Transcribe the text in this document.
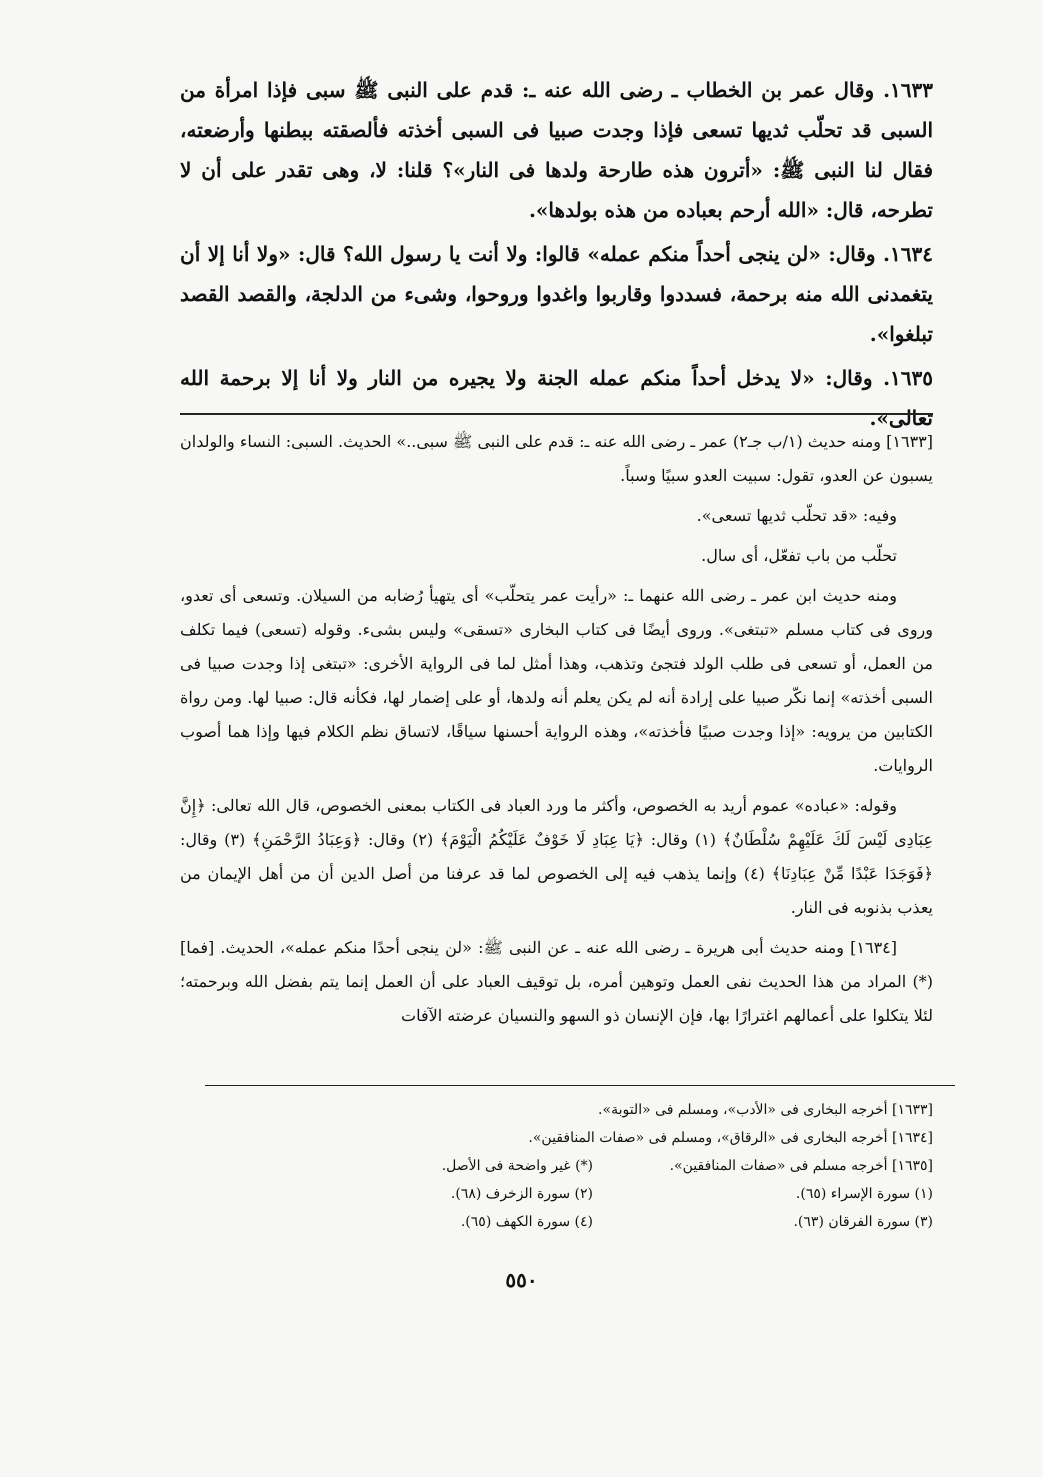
١٦٣٣. وقال عمر بن الخطاب ـ رضى الله عنه ـ: قدم على النبى ﷺ سبى فإذا امرأة من السبى قد تحلّب ثديها تسعى فإذا وجدت صبيا فى السبى أخذته فألصقته ببطنها وأرضعته، فقال لنا النبى ﷺ: «أترون هذه طارحة ولدها فى النار»؟ قلنا: لا، وهى تقدر على أن لا تطرحه، قال: «الله أرحم بعباده من هذه بولدها».

١٦٣٤. وقال: «لن ينجى أحداً منكم عمله» قالوا: ولا أنت يا رسول الله؟ قال: «ولا أنا إلا أن يتغمدنى الله منه برحمة، فسددوا وقاربوا واغدوا وروحوا، وشىء من الدلجة، والقصد القصد تبلغوا».

١٦٣٥. وقال: «لا يدخل أحداً منكم عمله الجنة ولا يجيره من النار ولا أنا إلا برحمة الله تعالى».

[١٦٣٣] ومنه حديث (١/ب جـ٢) عمر ـ رضى الله عنه ـ: قدم على النبى ﷺ سبى..» الحديث. السبى: النساء والولدان يسبون عن العدو، تقول: سبيت العدو سبيًا وسباً.

وفيه: «قد تحلّب ثديها تسعى».

تحلّب من باب تفعّل، أى سال.

ومنه حديث ابن عمر ـ رضى الله عنهما ـ: «رأيت عمر يتحلّب» أى يتهيأ رُضابه من السيلان. وتسعى أى تعدو، وروى فى كتاب مسلم «تبتغى». وروى أيضًا فى كتاب البخارى «تسقى» وليس بشىء. وقوله (تسعى) فيما تكلف من العمل، أو تسعى فى طلب الولد فتجئ وتذهب، وهذا أمثل لما فى الرواية الأخرى: «تبتغى إذا وجدت صبيا فى السبى أخذته» إنما نكّر صبيا على إرادة أنه لم يكن يعلم أنه ولدها، أو على إضمار لها، فكأنه قال: صبيا لها. ومن رواة الكتابين من يرويه: «إذا وجدت صبيًا فأخذته»، وهذه الرواية أحسنها سياقًا، لاتساق نظم الكلام فيها وإذا هما أصوب الروايات.

وقوله: «عباده» عموم أريد به الخصوص، وأكثر ما ورد العباد فى الكتاب بمعنى الخصوص، قال الله تعالى: ﴿إِنَّ عِبَادِى لَيْسَ لَكَ عَلَيْهِمْ سُلْطَانٌ﴾ (١) وقال: ﴿يَا عِبَادِ لَا خَوْفٌ عَلَيْكُمُ الْيَوْمَ﴾ (٢) وقال: ﴿وَعِبَادُ الرَّحْمَنِ﴾ (٣) وقال: ﴿فَوَجَدَا عَبْدًا مِّنْ عِبَادِنَا﴾ (٤) وإنما يذهب فيه إلى الخصوص لما قد عرفنا من أصل الدين أن من أهل الإيمان من يعذب بذنوبه فى النار.

[١٦٣٤] ومنه حديث أبى هريرة ـ رضى الله عنه ـ عن النبى ﷺ: «لن ينجى أحدًا منكم عمله»، الحديث. [فما] (*) المراد من هذا الحديث نفى العمل وتوهين أمره، بل توقيف العباد على أن العمل إنما يتم بفضل الله وبرحمته؛ لئلا يتكلوا على أعمالهم اغترارًا بها، فإن الإنسان ذو السهو والنسيان عرضته الآفات

[١٦٣٣] أخرجه البخارى فى «الأدب»، ومسلم فى «التوبة».

[١٦٣٤] أخرجه البخارى فى «الرقاق»، ومسلم فى «صفات المنافقين».

[١٦٣٥] أخرجه مسلم فى «صفات المنافقين».
(*) غير واضحة فى الأصل.
(١) سورة الإسراء (٦٥).
(٢) سورة الزخرف (٦٨).
(٣) سورة الفرقان (٦٣).
(٤) سورة الكهف (٦٥).
٥٥٠
